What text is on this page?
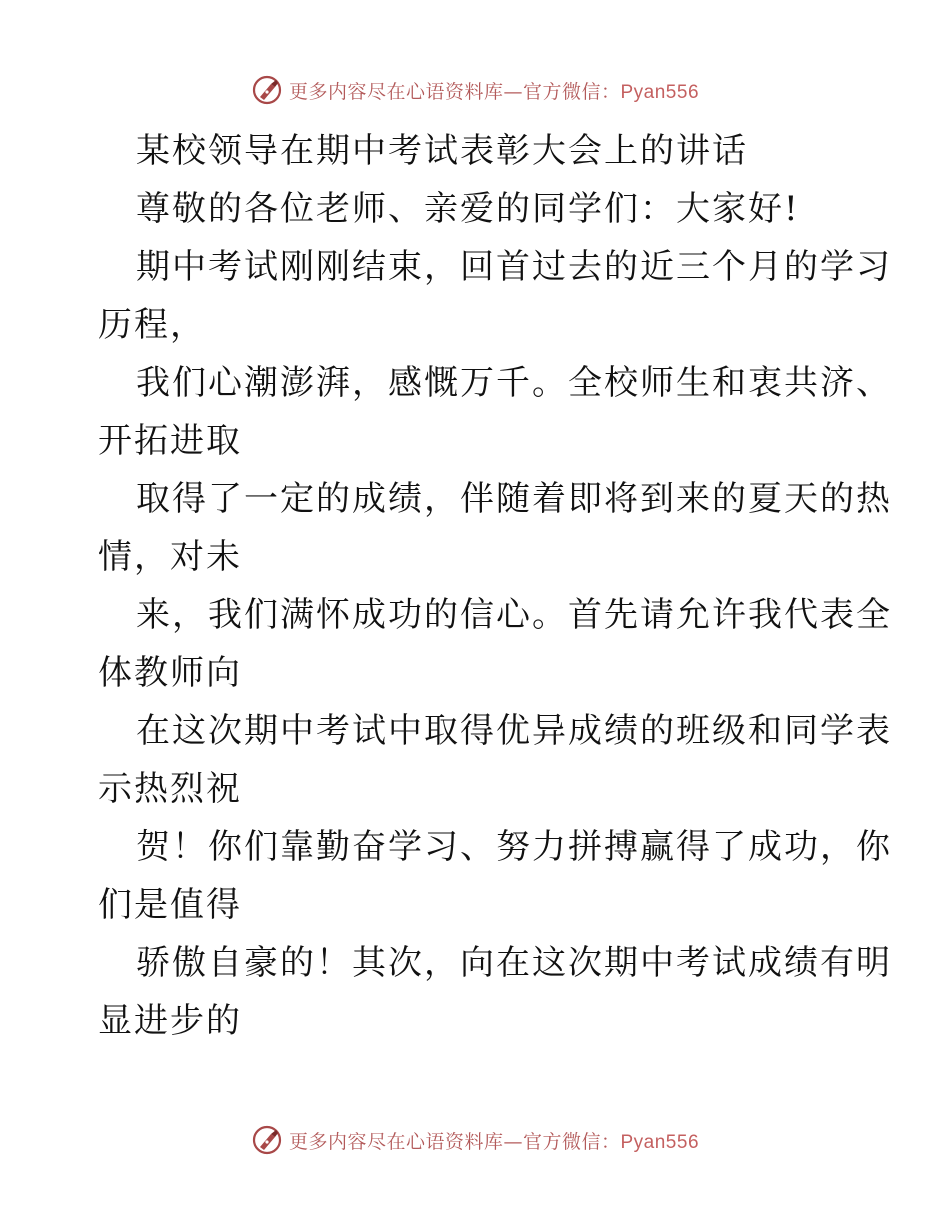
更多内容尽在心语资料库—官方微信：Pyan556
某校领导在期中考试表彰大会上的讲话
尊敬的各位老师、亲爱的同学们：大家好!
期中考试刚刚结束，回首过去的近三个月的学习
历程，
我们心潮澎湃，感慨万千。全校师生和衷共济、
开拓进取
取得了一定的成绩，伴随着即将到来的夏天的热
情，对未
来，我们满怀成功的信心。首先请允许我代表全
体教师向
在这次期中考试中取得优异成绩的班级和同学表
示热烈祝
贺！你们靠勤奋学习、努力拼搏赢得了成功，你
们是值得
骄傲自豪的！其次，向在这次期中考试成绩有明
显进步的
更多内容尽在心语资料库—官方微信：Pyan556
